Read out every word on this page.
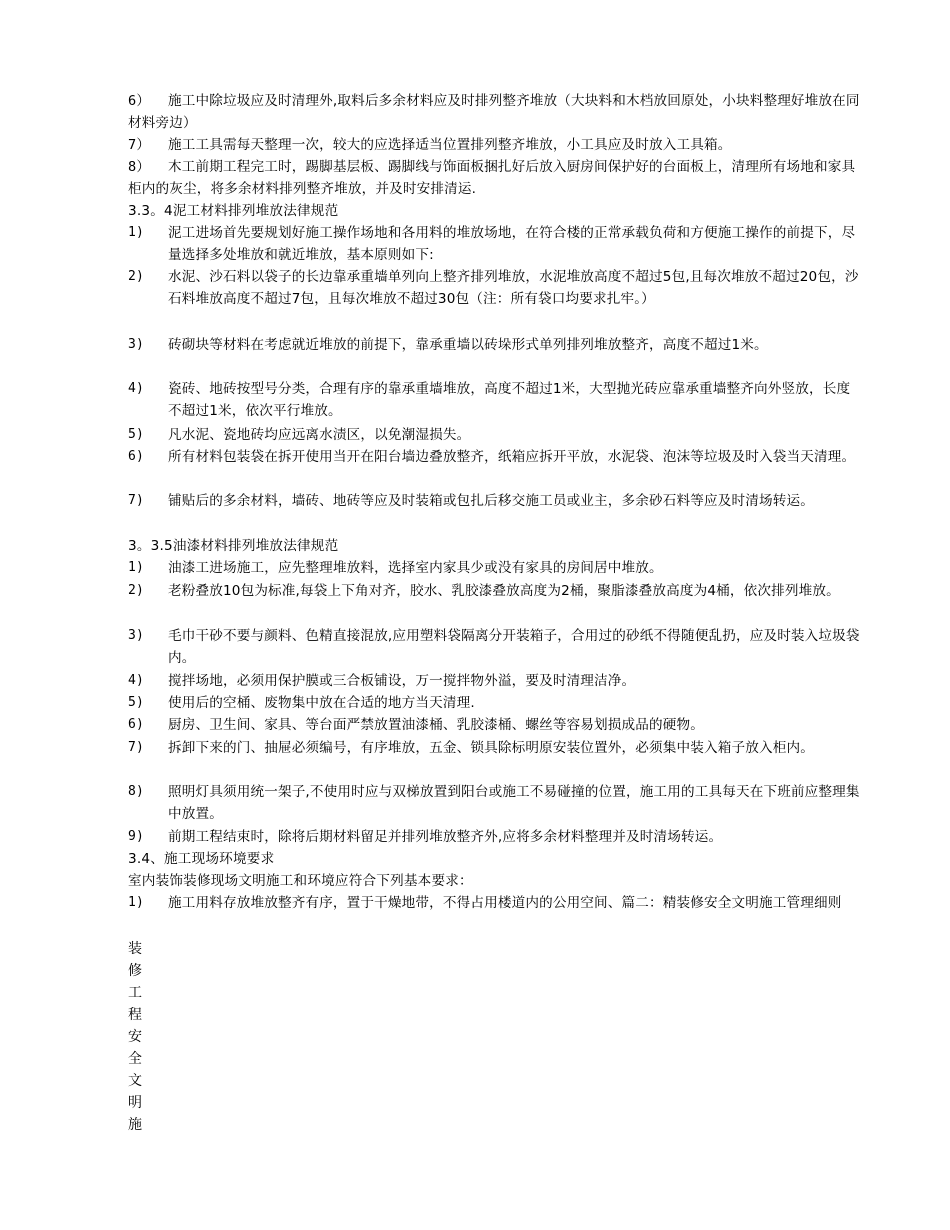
6） 施工中除垃圾应及时清理外,取料后多余材料应及时排列整齐堆放（大块料和木档放回原处，小块料整理好堆放在同材料旁边）
7） 施工工具需每天整理一次，较大的应选择适当位置排列整齐堆放，小工具应及时放入工具箱。
8） 木工前期工程完工时，踢脚基层板、踢脚线与饰面板捆扎好后放入厨房间保护好的台面板上，清理所有场地和家具柜内的灰尘，将多余材料排列整齐堆放，并及时安排清运.
3.3。4泥工材料排列堆放法律规范
1)	泥工进场首先要规划好施工操作场地和各用料的堆放场地，在符合楼的正常承载负荷和方便施工操作的前提下，尽量选择多处堆放和就近堆放，基本原则如下:
2)	水泥、沙石料以袋子的长边靠承重墙单列向上整齐排列堆放，水泥堆放高度不超过5包,且每次堆放不超过20包，沙石料堆放高度不超过7包，且每次堆放不超过30包（注：所有袋口均要求扎牢。）
3)	砖砌块等材料在考虑就近堆放的前提下，靠承重墙以砖垛形式单列排列堆放整齐，高度不超过1米。
4)	瓷砖、地砖按型号分类，合理有序的靠承重墙堆放，高度不超过1米，大型抛光砖应靠承重墙整齐向外竖放，长度不超过1米，依次平行堆放。
5)	凡水泥、瓷地砖均应远离水渍区，以免潮湿损失。
6)	所有材料包装袋在拆开使用当开在阳台墙边叠放整齐，纸箱应拆开平放，水泥袋、泡沫等垃圾及时入袋当天清理。
7)	铺贴后的多余材料，墙砖、地砖等应及时装箱或包扎后移交施工员或业主，多余砂石料等应及时清场转运。
3。3.5油漆材料排列堆放法律规范
1)	油漆工进场施工，应先整理堆放料，选择室内家具少或没有家具的房间居中堆放。
2)	老粉叠放10包为标准,每袋上下角对齐，胶水、乳胶漆叠放高度为2桶，聚脂漆叠放高度为4桶，依次排列堆放。
3)	毛巾干砂不要与颜料、色精直接混放,应用塑料袋隔离分开装箱子，合用过的砂纸不得随便乱扔，应及时装入垃圾袋内。
4)	搅拌场地，必须用保护膜或三合板铺设，万一搅拌物外溢，要及时清理洁净。
5)	使用后的空桶、废物集中放在合适的地方当天清理.
6)	厨房、卫生间、家具、等台面严禁放置油漆桶、乳胶漆桶、螺丝等容易划损成品的硬物。
7)	拆卸下来的门、抽屉必须编号，有序堆放，五金、锁具除标明原安装位置外，必须集中装入箱子放入柜内。
8)	照明灯具须用统一架子,不使用时应与双梯放置到阳台或施工不易碰撞的位置，施工用的工具每天在下班前应整理集中放置。
9)	前期工程结束时，除将后期材料留足并排列堆放整齐外,应将多余材料整理并及时清场转运。
3.4、施工现场环境要求
室内装饰装修现场文明施工和环境应符合下列基本要求：
1)	施工用料存放堆放整齐有序，置于干燥地带，不得占用楼道内的公用空间、篇二：精装修安全文明施工管理细则
装
修
工
程
安
全
文
明
施
